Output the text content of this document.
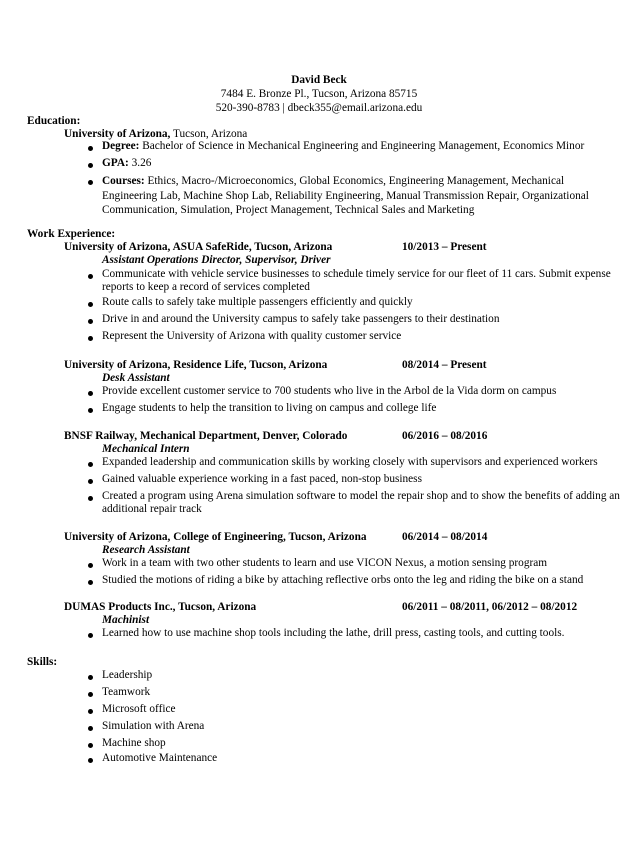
David Beck
7484 E. Bronze Pl., Tucson, Arizona 85715
520-390-8783 | dbeck355@email.arizona.edu
Education:
University of Arizona, Tucson, Arizona
Degree: Bachelor of Science in Mechanical Engineering and Engineering Management, Economics Minor
GPA: 3.26
Courses: Ethics, Macro-/Microeconomics, Global Economics, Engineering Management, Mechanical Engineering Lab, Machine Shop Lab, Reliability Engineering, Manual Transmission Repair, Organizational Communication, Simulation, Project Management, Technical Sales and Marketing
Work Experience:
University of Arizona, ASUA SafeRide, Tucson, Arizona	10/2013 – Present
Assistant Operations Director, Supervisor, Driver
Communicate with vehicle service businesses to schedule timely service for our fleet of 11 cars. Submit expense reports to keep a record of services completed
Route calls to safely take multiple passengers efficiently and quickly
Drive in and around the University campus to safely take passengers to their destination
Represent the University of Arizona with quality customer service
University of Arizona, Residence Life, Tucson, Arizona	08/2014 – Present
Desk Assistant
Provide excellent customer service to 700 students who live in the Arbol de la Vida dorm on campus
Engage students to help the transition to living on campus and college life
BNSF Railway, Mechanical Department, Denver, Colorado	06/2016 – 08/2016
Mechanical Intern
Expanded leadership and communication skills by working closely with supervisors and experienced workers
Gained valuable experience working in a fast paced, non-stop business
Created a program using Arena simulation software to model the repair shop and to show the benefits of adding an additional repair track
University of Arizona, College of Engineering, Tucson, Arizona	06/2014 – 08/2014
Research Assistant
Work in a team with two other students to learn and use VICON Nexus, a motion sensing program
Studied the motions of riding a bike by attaching reflective orbs onto the leg and riding the bike on a stand
DUMAS Products Inc., Tucson, Arizona	06/2011 – 08/2011, 06/2012 – 08/2012
Machinist
Learned how to use machine shop tools including the lathe, drill press, casting tools, and cutting tools.
Skills:
Leadership
Teamwork
Microsoft office
Simulation with Arena
Machine shop
Automotive Maintenance
